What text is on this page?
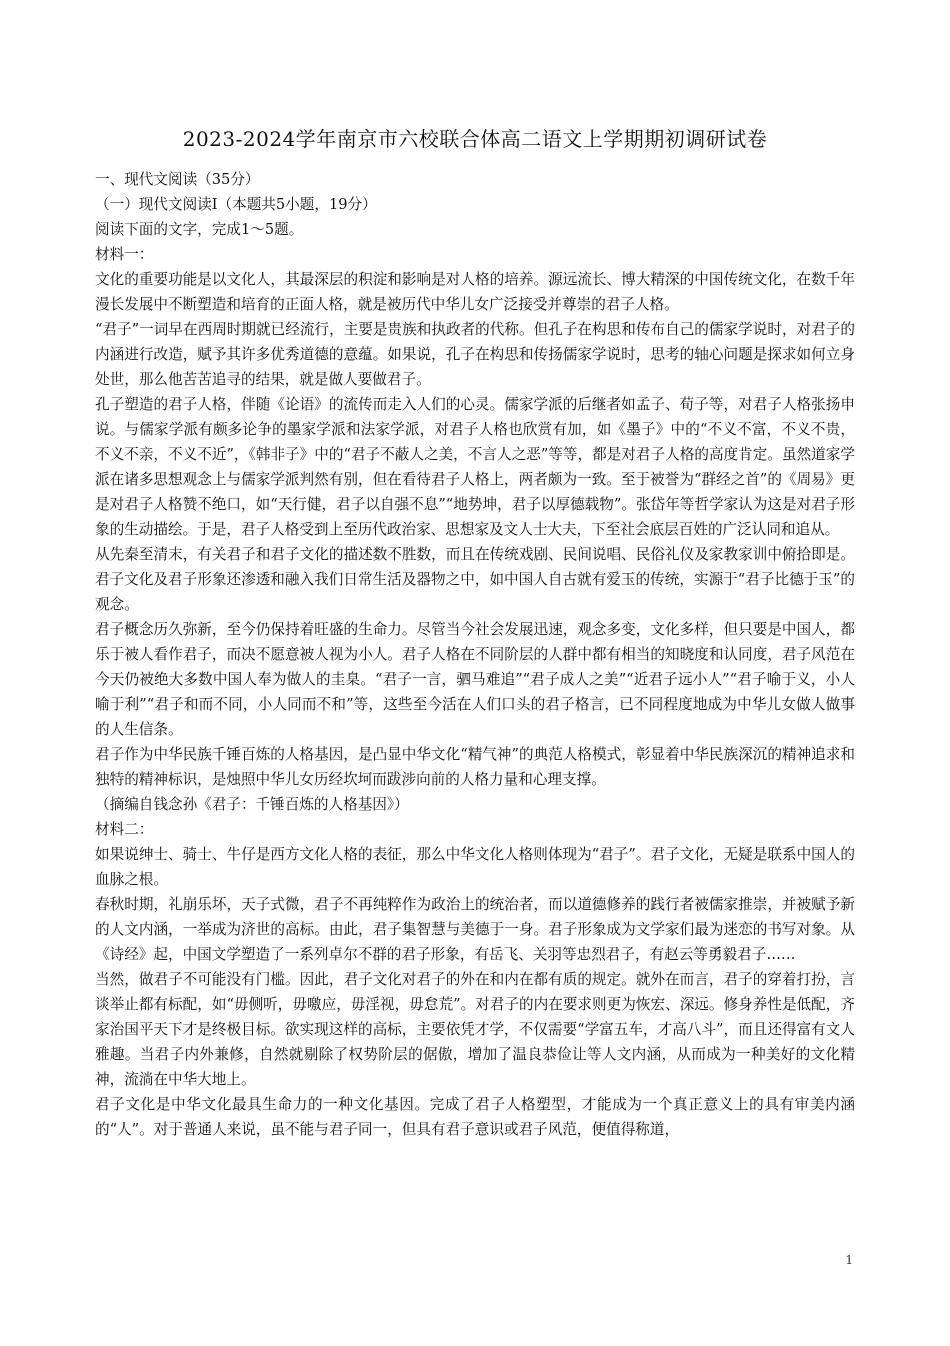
2023-2024学年南京市六校联合体高二语文上学期期初调研试卷

一、现代文阅读（35分）

（一）现代文阅读Ⅰ（本题共5小题，19分）

阅读下面的文字，完成1～5题。

材料一：

文化的重要功能是以文化人，其最深层的积淀和影响是对人格的培养。源远流长、博大精深的中国传统文化，在数千年漫长发展中不断塑造和培育的正面人格，就是被历代中华儿女广泛接受并尊崇的君子人格。

“君子”一词早在西周时期就已经流行，主要是贵族和执政者的代称。但孔子在构思和传布自己的儒家学说时，对君子的内涵进行改造，赋予其许多优秀道德的意蕴。如果说，孔子在构思和传扬儒家学说时，思考的轴心问题是探求如何立身处世，那么他苦苦追寻的结果，就是做人要做君子。

孔子塑造的君子人格，伴随《论语》的流传而走入人们的心灵。儒家学派的后继者如孟子、荀子等，对君子人格张扬申说。与儒家学派有颇多论争的墨家学派和法家学派，对君子人格也欣赏有加，如《墨子》中的“不义不富，不义不贵，不义不亲，不义不近”，《韩非子》中的“君子不蔽人之美，不言人之恶”等等，都是对君子人格的高度肯定。虽然道家学派在诸多思想观念上与儒家学派判然有别，但在看待君子人格上，两者颇为一致。至于被誉为“群经之首”的《周易》更是对君子人格赞不绝口，如“天行健，君子以自强不息”“地势坤，君子以厚德载物”。张岱年等哲学家认为这是对君子形象的生动描绘。于是，君子人格受到上至历代政治家、思想家及文人士大夫，下至社会底层百姓的广泛认同和追从。

从先秦至清末，有关君子和君子文化的描述数不胜数，而且在传统戏剧、民间说唱、民俗礼仪及家教家训中俯拾即是。君子文化及君子形象还渗透和融入我们日常生活及器物之中，如中国人自古就有爱玉的传统，实源于“君子比德于玉”的观念。

君子概念历久弥新，至今仍保持着旺盛的生命力。尽管当今社会发展迅速，观念多变，文化多样，但只要是中国人，都乐于被人看作君子，而决不愿意被人视为小人。君子人格在不同阶层的人群中都有相当的知晓度和认同度，君子风范在今天仍被绝大多数中国人奉为做人的圭臬。“君子一言，驷马难追”“君子成人之美”“近君子远小人”“君子喻于义，小人喻于利”“君子和而不同，小人同而不和”等，这些至今活在人们口头的君子格言，已不同程度地成为中华儿女做人做事的人生信条。

君子作为中华民族千锤百炼的人格基因，是凸显中华文化“精气神”的典范人格模式，彰显着中华民族深沉的精神追求和独特的精神标识，是烛照中华儿女历经坎坷而跋涉向前的人格力量和心理支撑。

（摘编自钱念孙《君子：千锤百炼的人格基因》）

材料二：

如果说绅士、骑士、牛仔是西方文化人格的表征，那么中华文化人格则体现为“君子”。君子文化，无疑是联系中国人的血脉之根。

春秋时期，礼崩乐坏，天子式微，君子不再纯粹作为政治上的统治者，而以道德修养的践行者被儒家推崇，并被赋予新的人文内涵，一举成为济世的高标。由此，君子集智慧与美德于一身。君子形象成为文学家们最为迷恋的书写对象。从《诗经》起，中国文学塑造了一系列卓尔不群的君子形象，有岳飞、关羽等忠烈君子，有赵云等勇毅君子……

当然，做君子不可能没有门槛。因此，君子文化对君子的外在和内在都有质的规定。就外在而言，君子的穿着打扮，言谈举止都有标配，如“毋侧听，毋噭应，毋淫视，毋怠荒”。对君子的内在要求则更为恢宏、深远。修身养性是低配，齐家治国平天下才是终极目标。欲实现这样的高标，主要依凭才学，不仅需要“学富五车，才高八斗”，而且还得富有文人雅趣。当君子内外兼修，自然就剔除了权势阶层的倨傲，增加了温良恭俭让等人文内涵，从而成为一种美好的文化精神，流淌在中华大地上。

君子文化是中华文化最具生命力的一种文化基因。完成了君子人格塑型，才能成为一个真正意义上的具有审美内涵的“人”。对于普通人来说，虽不能与君子同一，但具有君子意识或君子风范，便值得称道，

1
